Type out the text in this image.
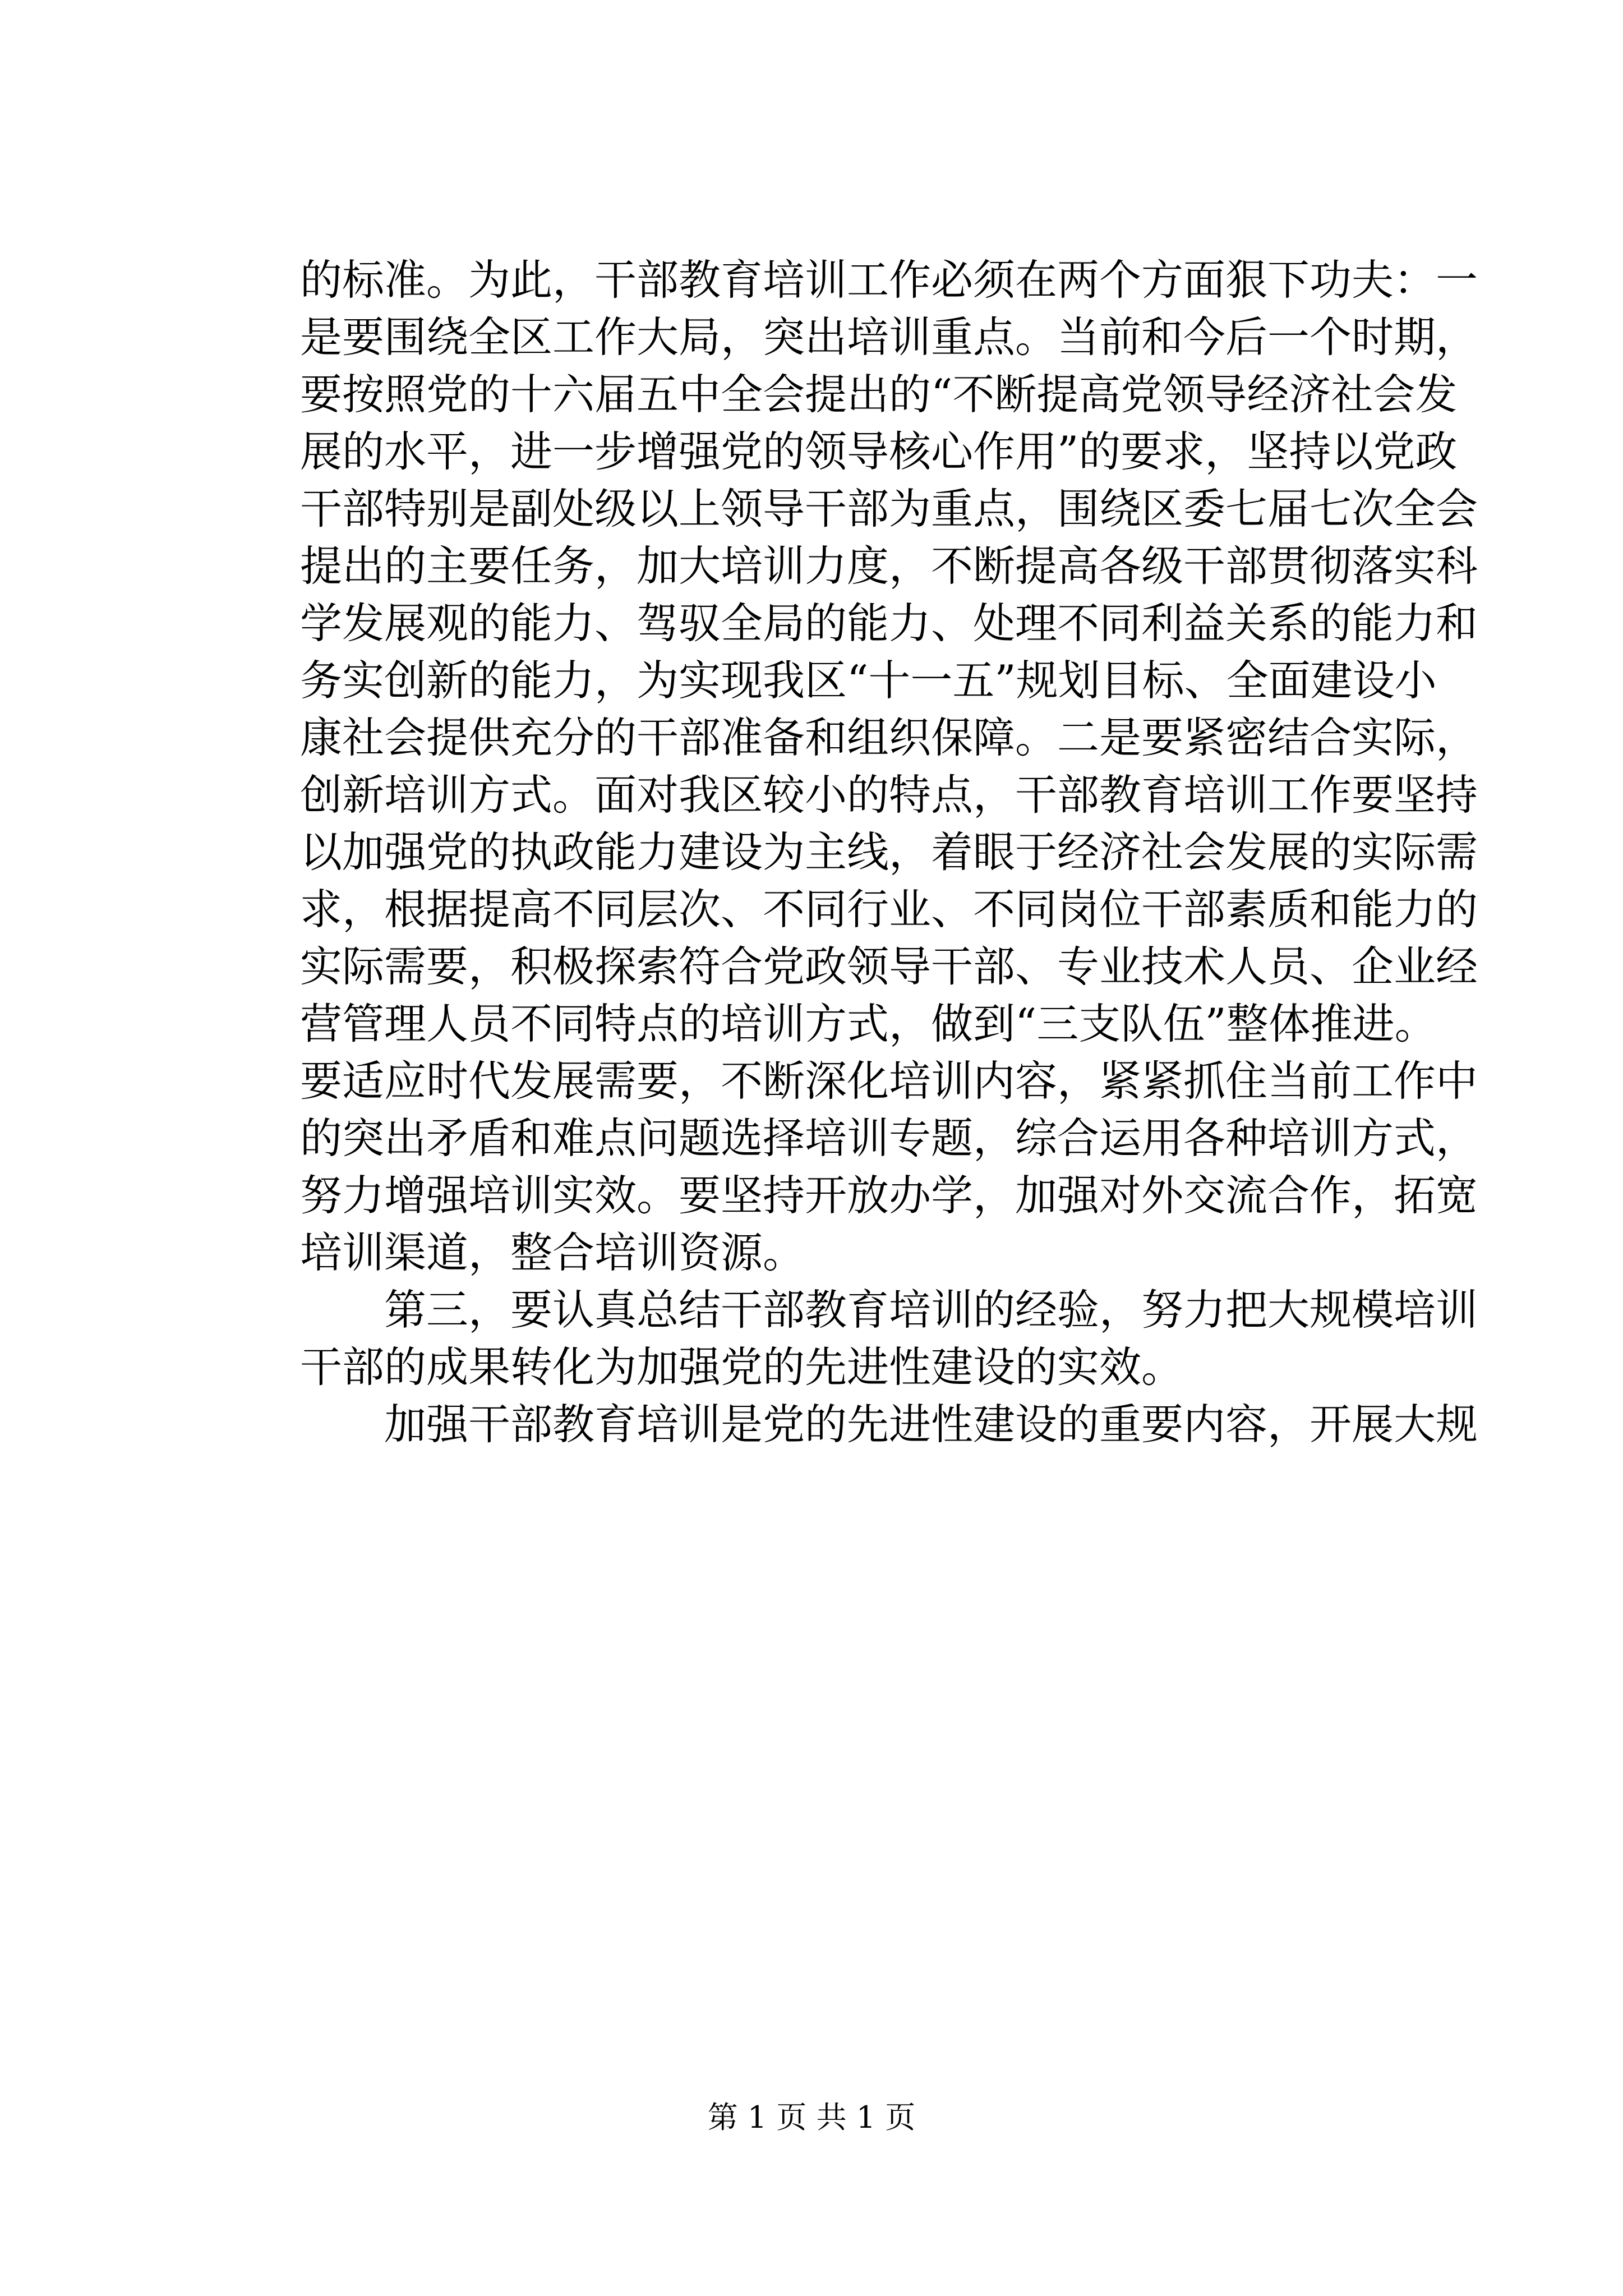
的标准。为此，干部教育培训工作必须在两个方面狠下功夫：一
是要围绕全区工作大局，突出培训重点。当前和今后一个时期，
要按照党的十六届五中全会提出的“不断提高党领导经济社会发
展的水平，进一步增强党的领导核心作用”的要求，坚持以党政
干部特别是副处级以上领导干部为重点，围绕区委七届七次全会
提出的主要任务，加大培训力度，不断提高各级干部贯彻落实科
学发展观的能力、驾驭全局的能力、处理不同利益关系的能力和
务实创新的能力，为实现我区“十一五”规划目标、全面建设小
康社会提供充分的干部准备和组织保障。二是要紧密结合实际，
创新培训方式。面对我区较小的特点，干部教育培训工作要坚持
以加强党的执政能力建设为主线，着眼于经济社会发展的实际需
求，根据提高不同层次、不同行业、不同岗位干部素质和能力的
实际需要，积极探索符合党政领导干部、专业技术人员、企业经
营管理人员不同特点的培训方式，做到“三支队伍”整体推进。
要适应时代发展需要，不断深化培训内容，紧紧抓住当前工作中
的突出矛盾和难点问题选择培训专题，综合运用各种培训方式，
努力增强培训实效。要坚持开放办学，加强对外交流合作，拓宽
培训渠道，整合培训资源。
第三，要认真总结干部教育培训的经验，努力把大规模培训
干部的成果转化为加强党的先进性建设的实效。
加强干部教育培训是党的先进性建设的重要内容，开展大规
第 1 页 共 1 页
